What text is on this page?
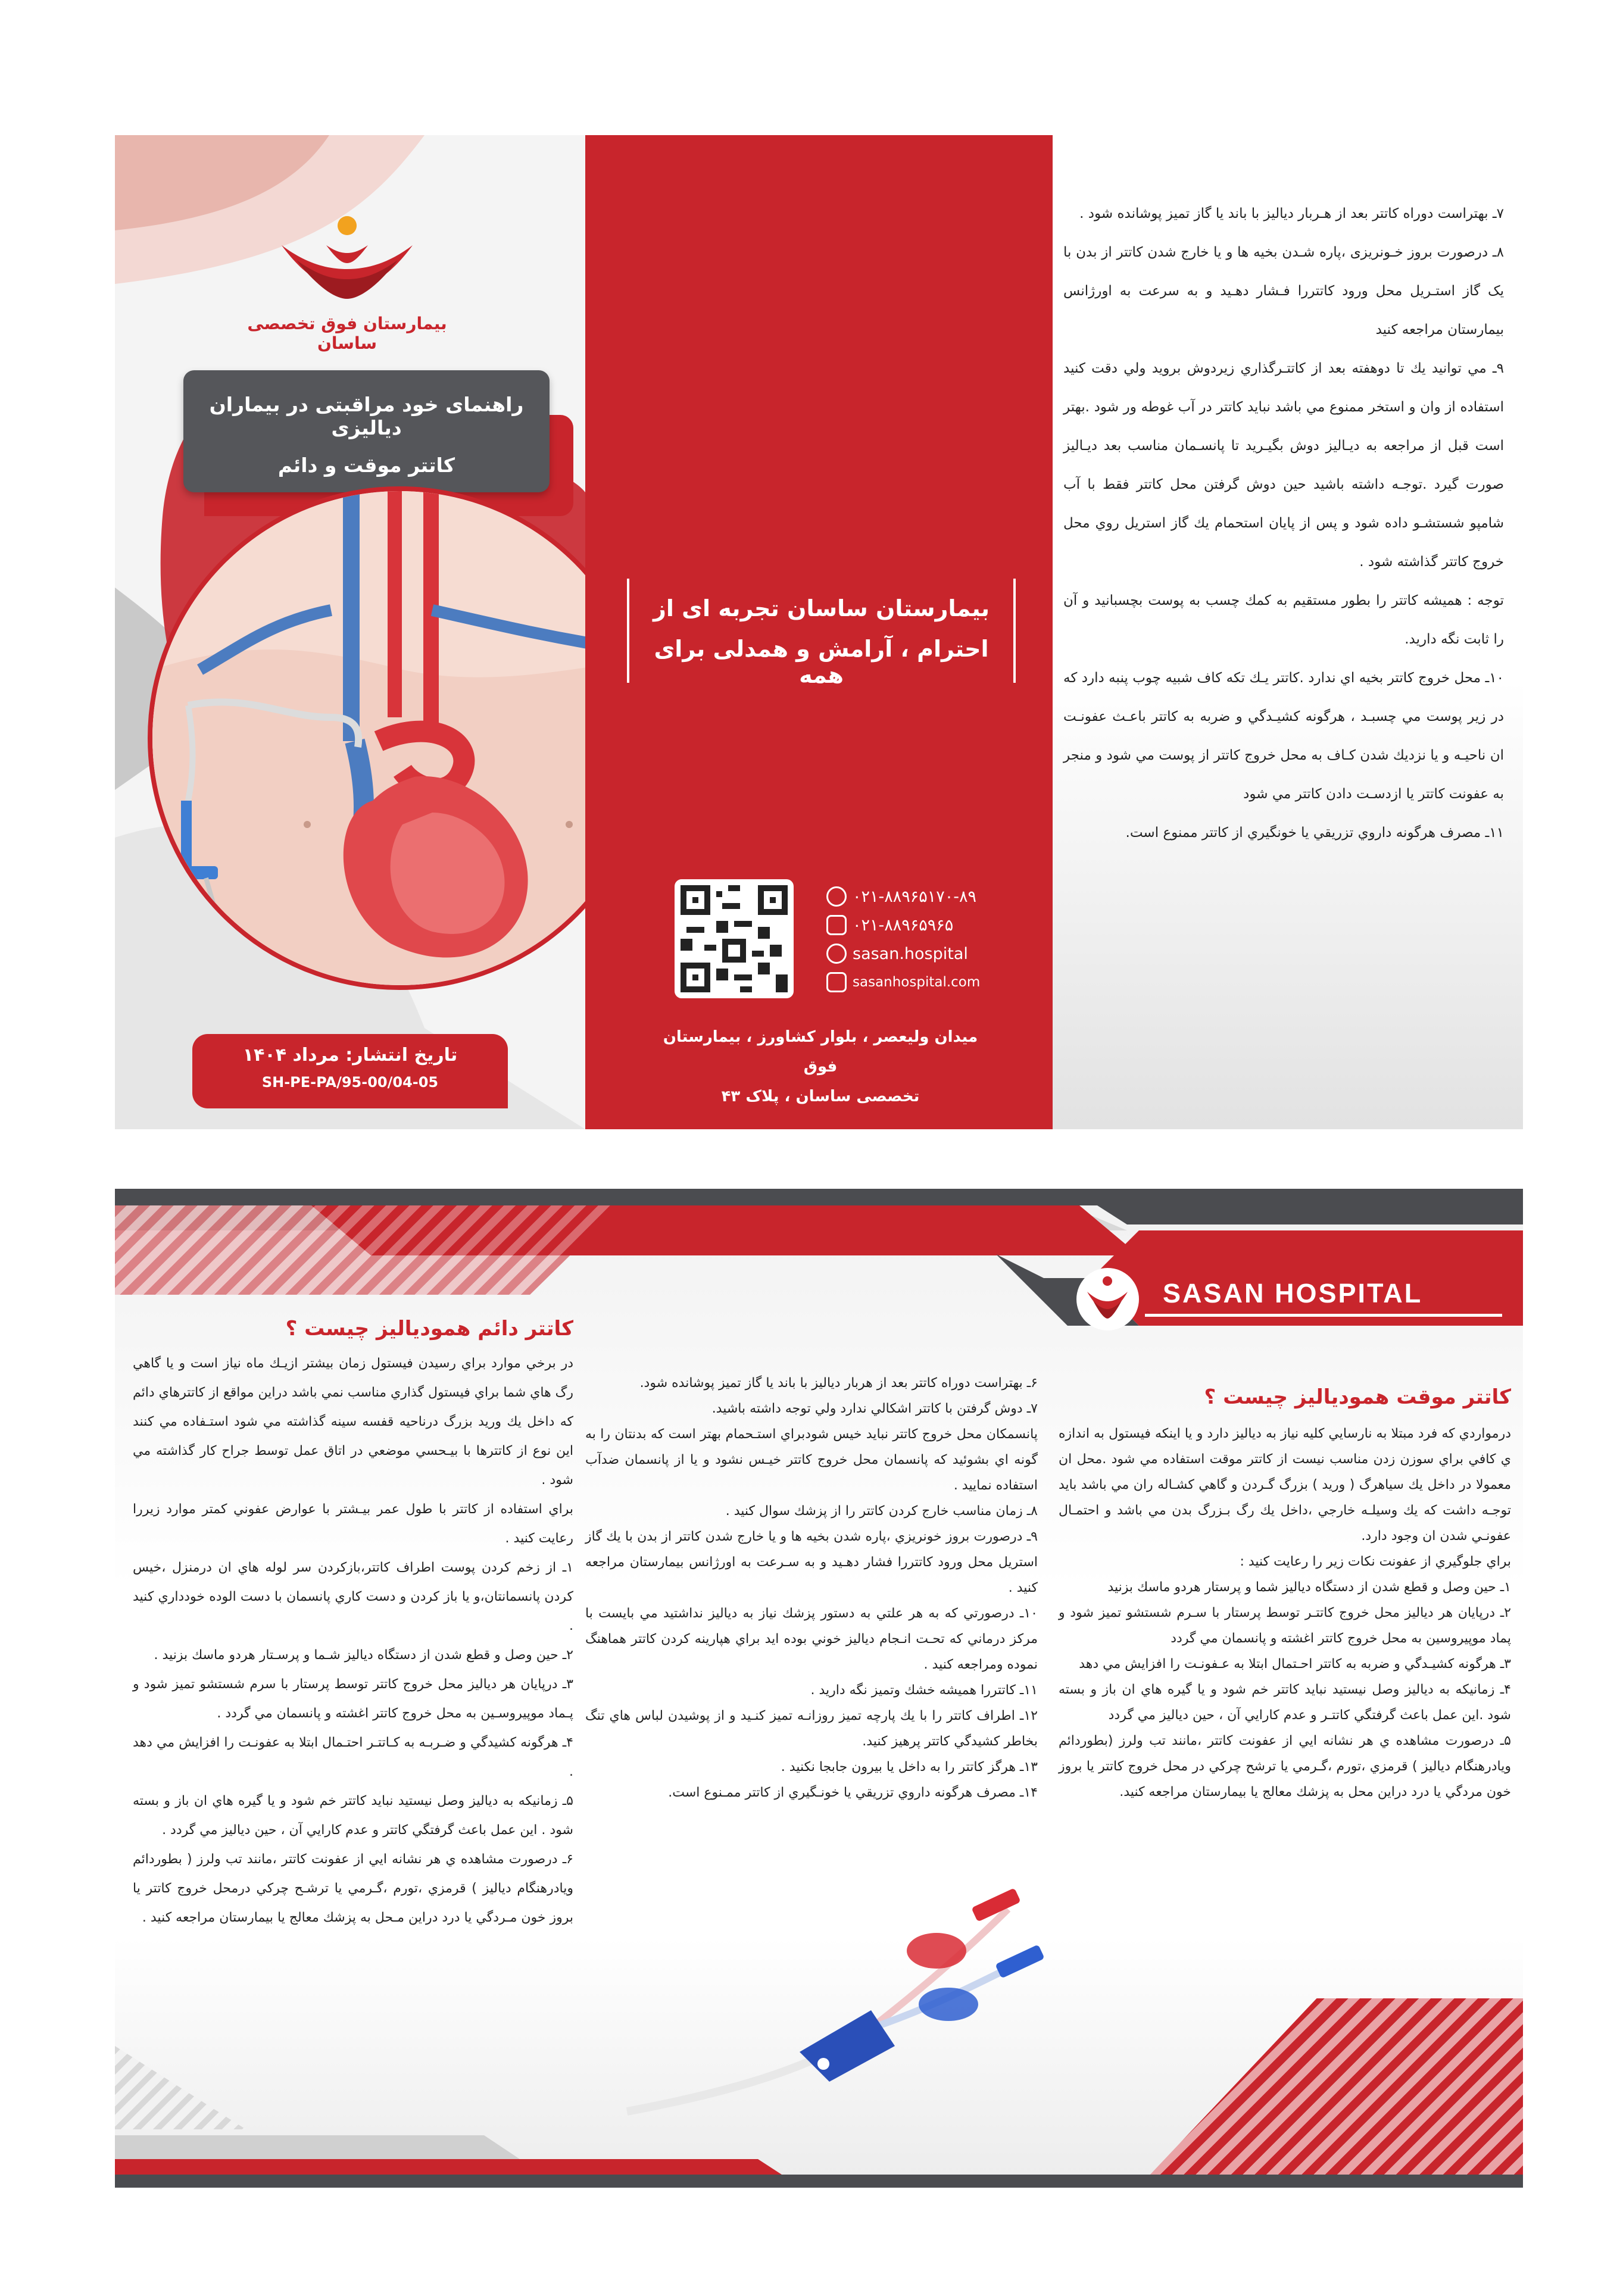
بیمارستان فوق تخصصی ساسان
راهنمای خود مراقبتی در بیماران دیالیزی
کاتتر موقت و دائم
تاریخ انتشار: مرداد ۱۴۰۴
SH-PE-PA/95-00/04-05
بیمارستان ساسان تجربه ای از
احترام ، آرامش و همدلی برای همه
۰۲۱-۸۸۹۶۵۱۷۰-۸۹
۰۲۱-۸۸۹۶۵۹۶۵
sasan.hospital
sasanhospital.com
میدان ولیعصر ، بلوار کشاورز ، بیمارستان فوق
تخصصی ساسان ، پلاک ۴۳

۷ـ بهتراست دوراه کاتتر بعد از هـربار دیالیز با باند یا گاز تمیز پوشانده شود .

۸ـ درصورت بروز خـونریزی ،پاره شـدن بخیه ها و یا خارج شدن کاتتر از بدن با یک گاز استـریل محل ورود کاتتررا فـشار دهـید و به سرعت به اورژانس بیمارستان مراجعه کنید

۹ـ مي توانيد يك تا دوهفته بعد از كاتتـرگذاري زيردوش برويد ولي دقت كنيد استفاده از وان و استخر ممنوع مي باشد نبايد كاتتر در آب غوطه ور شود .بهتر است قبل از مراجعه به ديـاليز دوش بگيـريد تا پانسـمان مناسب بعد ديـاليز صورت گيرد .توجـه داشته باشيد حين دوش گرفتن محل كاتتر فقط با آب شامپو شستشـو داده شود و پس از پايان استحمام يك گاز استريل روي محل خروج كاتتر گذاشته شود .

توجه : هميشه كاتتر را بطور مستقيم به كمك چسب به پوست بچسبانيد و آن را ثابت نگه داريد.

۱۰ـ محل خروج كاتتر بخيه اي ندارد .كاتتر يـك تكه كاف شبيه چوب پنبه دارد كه در زير پوست مي چسبـد ، هرگونه كشيـدگي و ضربه به كاتتر باعـث عفونـت ان ناحيـه و يا نزديك شدن كـاف به محل خروج كاتتر از پوست مي شود و منجر به عفونت كاتتر يا ازدسـت دادن كاتتر مي شود

۱۱ـ مصرف هرگونه داروي تزريقي يا خونگيري از كاتتر ممنوع است.

SASAN HOSPITAL
کاتتر موقت همودیالیز چیست ؟

درمواردي كه فرد مبتلا به نارسايي كليه نياز به دياليز دارد و يا اينكه فيستول به اندازه ي كافي براي سوزن زدن مناسب نيست از كاتتر موقت استفاده مي شود .محل ان معمولا در داخل يك سياهرگ ( وريد ) بزرگ گـردن و گاهي كشـاله ران مي باشد بايد توجـه داشت كه يك وسيلـه خارجي ،داخل يك رگ بـزرگ بدن مي باشد و احتمـال عفونـي شدن ان وجود دارد.

براي جلوگيري از عفونت نكات زير را رعايت كنيد :

۱ـ حين وصل و قطع شدن از دستگاه دياليز شما و پرستار هردو ماسك بزنيد

۲ـ درپايان هر دياليز محل خروج كاتتـر توسط پرستار با سـرم شستشو تميز شود و پماد موپيروسين به محل خروج كاتتر اغشته و پانسمان مي گردد

۳ـ هرگونه كشيـدگي و ضربه به كاتتر احـتمال ابتلا به عـفونـت را افزايش مي دهد

۴ـ زمانيكه به دياليز وصل نيستيد نبايد كاتتر خم شود و يا گيره هاي ان باز و بسته شود .اين عمل باعث گرفتگي كاتتـر و عدم كارايي آن ، حين دياليز مي گردد

۵ـ درصورت مشاهده ي هر نشانه ايي از عفونت كاتتر ،مانند تب ولرز (بطوردائم ويادرهنگام دياليز ) قرمزي ،تورم ،گـرمي يا ترشح چركي در محل خروج كاتتر يا بروز خون مردگي يا درد دراين محل به پزشك معالج يا بيمارستان مراجعه كنيد.

۶ـ بهتراست دوراه كاتتر بعد از هربار دياليز با باند يا گاز تميز پوشانده شود.

۷ـ دوش گرفتن با كاتتر اشكالي ندارد ولي توجه داشته باشيد.

پانسمكان محل خروج كاتتر نبايد خيس شودبراي استـحمام بهتر است كه بدنتان را به گونه اي بشوئيد كه پانسمان محل خروج كاتتر خيـس نشود و يا از پانسمان ضدآب استفاده نماييد .

۸ـ زمان مناسب خارج كردن كاتتر را از پزشك سوال كنيد .

۹ـ درصورت بروز خونريزي ،پاره شدن بخيه ها و يا خارج شدن كاتتر از بدن با يك گاز استريل محل ورود كاتتررا فشار دهـيد و به سـرعت به اورژانس بيمارستان مراجعه كنيد .

۱۰ـ درصورتي كه به هر علتي به دستور پزشك نياز به دياليز نداشتيد مي بايست با مركز درماني كه تحـت انـجام دياليز خوني بوده ايد براي هپارينه كردن كاتتر هماهنگ نموده ومراجعه كنيد .

۱۱ـ كاتتررا هميشه خشك وتميز نگه داريد .

۱۲ـ اطراف كاتتر را با يك پارچه تميز روزانـه تميز كنـيد و از پوشيدن لباس هاي تنگ بخاطر كشيدگي كاتتر پرهيز كنيد.

۱۳ـ هرگز كاتتر را به داخل يا بيرون جابجا نكنيد .

۱۴ـ مصرف هرگونه داروي تزريقي يا خونـگيري از كاتتر ممـنوع است.

کاتتر دائم همودیالیز چیست ؟

در برخي موارد براي رسيدن فيستول زمان بيشتر ازيـك ماه نياز است و يا گاهي رگ هاي شما براي فيستول گذاري مناسب نمي باشد دراين مواقع از كاتترهاي دائم كه داخل يك وريد بزرگ درناحيه قفسه سينه گذاشته مي شود استـفاده مي كنند اين نوع از كاتترها با بيـحسي موضعي در اتاق عمل توسط جراح كار گذاشته مي شود .

براي استفاده از كاتتر با طول عمر بيـشتر با عوارض عفوني كمتر موارد زيررا رعايت كنيد .

۱ـ از زخم كردن پوست اطراف كاتتر،بازكردن سر لوله هاي ان درمنزل ،خيس كردن پانسمانتان،و يا باز كردن و دست كاري پانسمان با دست الوده خودداري كنيد .

۲ـ حين وصل و قطع شدن از دستگاه دياليز شـما و پرسـتار هردو ماسك بزنيد .

۳ـ درپايان هر دياليز محل خروج كاتتر توسط پرستار با سرم شستشو تميز شود و پـماد موپيروسـين به محل خروج كاتتر اغشته و پانسمان مي گردد .

۴ـ هرگونه كشيدگي و ضـربـه به كـاتتـر احتـمال ابتلا به عفونـت را افزايش مي دهد .

۵ـ زمانيكه به دياليز وصل نيستيد نبايد كاتتر خم شود و يا گيره هاي ان باز و بسته شود . اين عمل باعث گرفتگي كاتتر و عدم كارايي آن ، حين دياليز مي گردد .

۶ـ درصورت مشاهده ي هر نشانه ايي از عفونت كاتتر ،مانند تب ولرز ( بطوردائم ويادرهنگام دياليز ) قرمزي ،تورم ،گـرمي يا ترشـح چركي درمحل خروج كاتتر يا بروز خون مـردگي يا درد دراين مـحل به پزشك معالج يا بيمارستان مراجعه كنيد .
